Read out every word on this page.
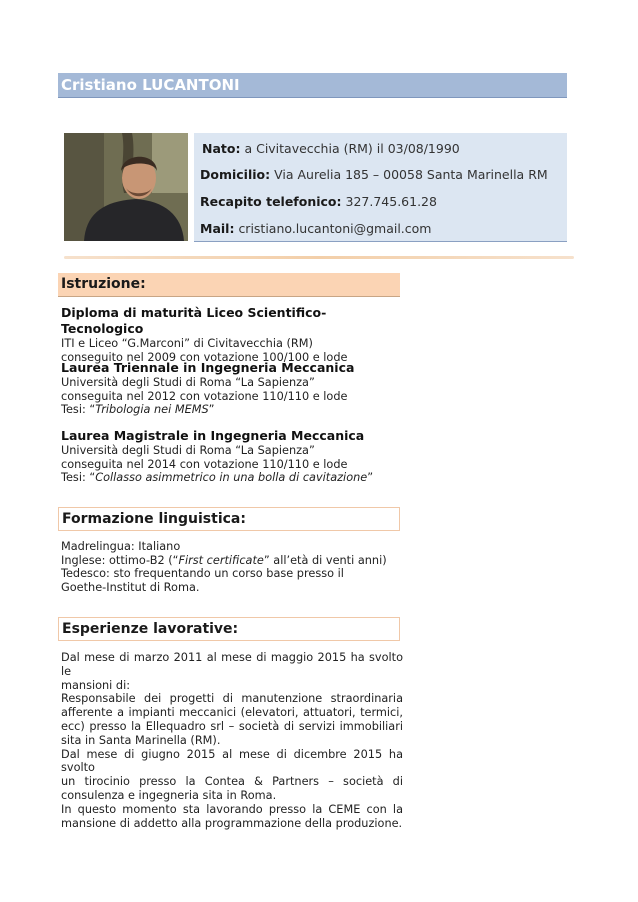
Cristiano LUCANTONI
Nato: a Civitavecchia (RM) il 03/08/1990
Domicilio: Via Aurelia 185 – 00058 Santa Marinella RM
Recapito telefonico: 327.745.61.28
Mail: cristiano.lucantoni@gmail.com
Istruzione:
Diploma di maturità Liceo Scientifico-Tecnologico
ITI e Liceo “G.Marconi” di Civitavecchia (RM)
conseguito nel 2009 con votazione 100/100 e lode
Laurea Triennale in Ingegneria Meccanica
Università degli Studi di Roma “La Sapienza”
conseguita nel 2012 con votazione 110/110 e lode
Tesi: “Tribologia nei MEMS”
Laurea Magistrale in Ingegneria Meccanica
Università degli Studi di Roma “La Sapienza”
conseguita nel 2014 con votazione 110/110 e lode
Tesi: “Collasso asimmetrico in una bolla di cavitazione”
Formazione linguistica:
Madrelingua: Italiano
Inglese: ottimo-B2 (“First certificate” all’età di venti anni)
Tedesco: sto frequentando un corso base presso il
Goethe-Institut di Roma.
Esperienze lavorative:
Dal mese di marzo 2011 al mese di maggio 2015 ha svolto le
mansioni di:
Responsabile dei progetti di manutenzione straordinaria
afferente a impianti meccanici (elevatori, attuatori, termici,
ecc) presso la Ellequadro srl – società di servizi immobiliari
sita in Santa Marinella (RM).
Dal mese di giugno 2015 al mese di dicembre 2015 ha svolto
un tirocinio presso la Contea & Partners – società di
consulenza e ingegneria sita in Roma.
In questo momento sta lavorando presso la CEME con la
mansione di addetto alla programmazione della produzione.
